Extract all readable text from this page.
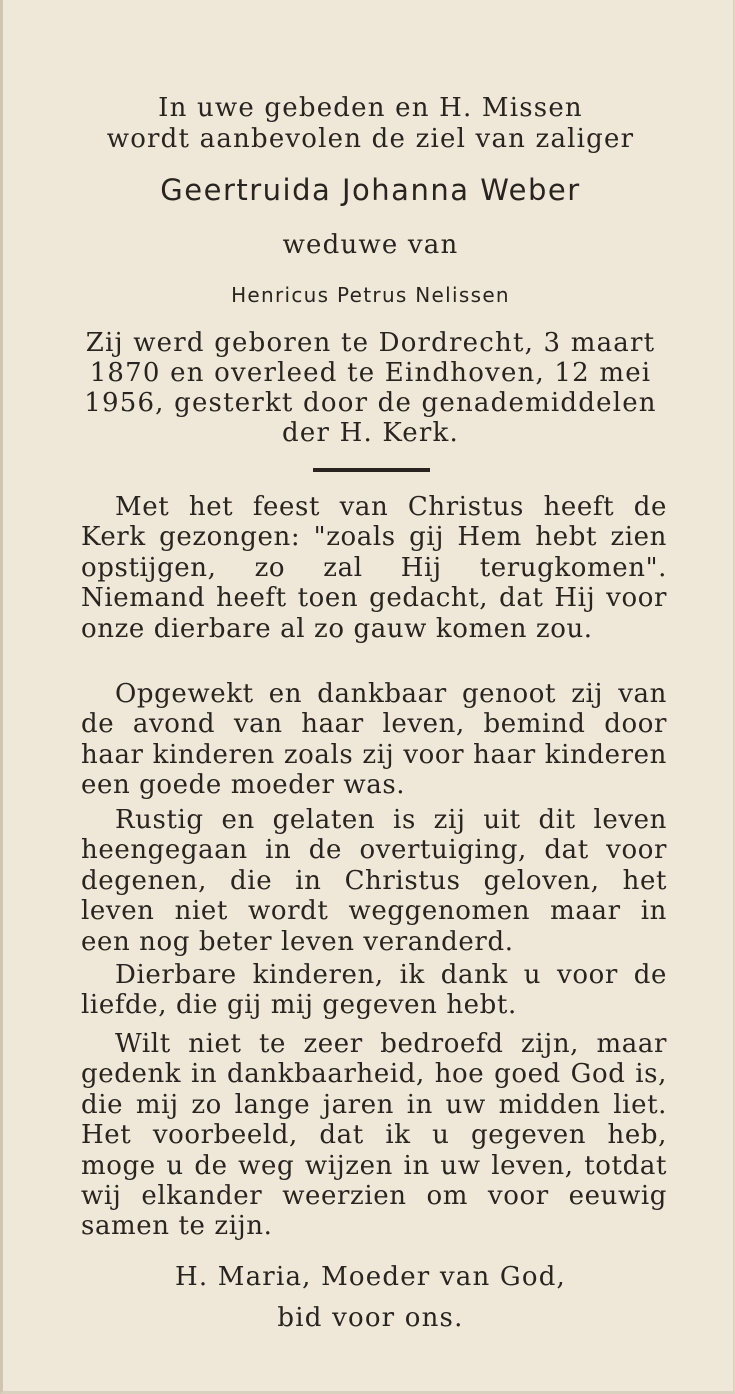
In uwe gebeden en H. Missen
wordt aanbevolen de ziel van zaliger
Geertruida Johanna Weber
weduwe van
Henricus Petrus Nelissen
Zij werd geboren te Dordrecht, 3 maart
1870 en overleed te Eindhoven, 12 mei
1956, gesterkt door de genademiddelen
der H. Kerk.

Met het feest van Christus heeft de Kerk gezongen: "zoals gij Hem hebt zien opstijgen, zo zal Hij terugkomen". Niemand heeft toen gedacht, dat Hij voor onze dierbare al zo gauw komen zou.

Opgewekt en dankbaar genoot zij van de avond van haar leven, bemind door haar kinderen zoals zij voor haar kinderen een goede moeder was.

Rustig en gelaten is zij uit dit leven heengegaan in de overtuiging, dat voor degenen, die in Christus geloven, het leven niet wordt weggenomen maar in een nog beter leven veranderd.

Dierbare kinderen, ik dank u voor de liefde, die gij mij gegeven hebt.

Wilt niet te zeer bedroefd zijn, maar gedenk in dankbaarheid, hoe goed God is, die mij zo lange jaren in uw midden liet. Het voorbeeld, dat ik u gegeven heb, moge u de weg wijzen in uw leven, totdat wij elkander weerzien om voor eeuwig samen te zijn.

H. Maria, Moeder van God,
bid voor ons.
